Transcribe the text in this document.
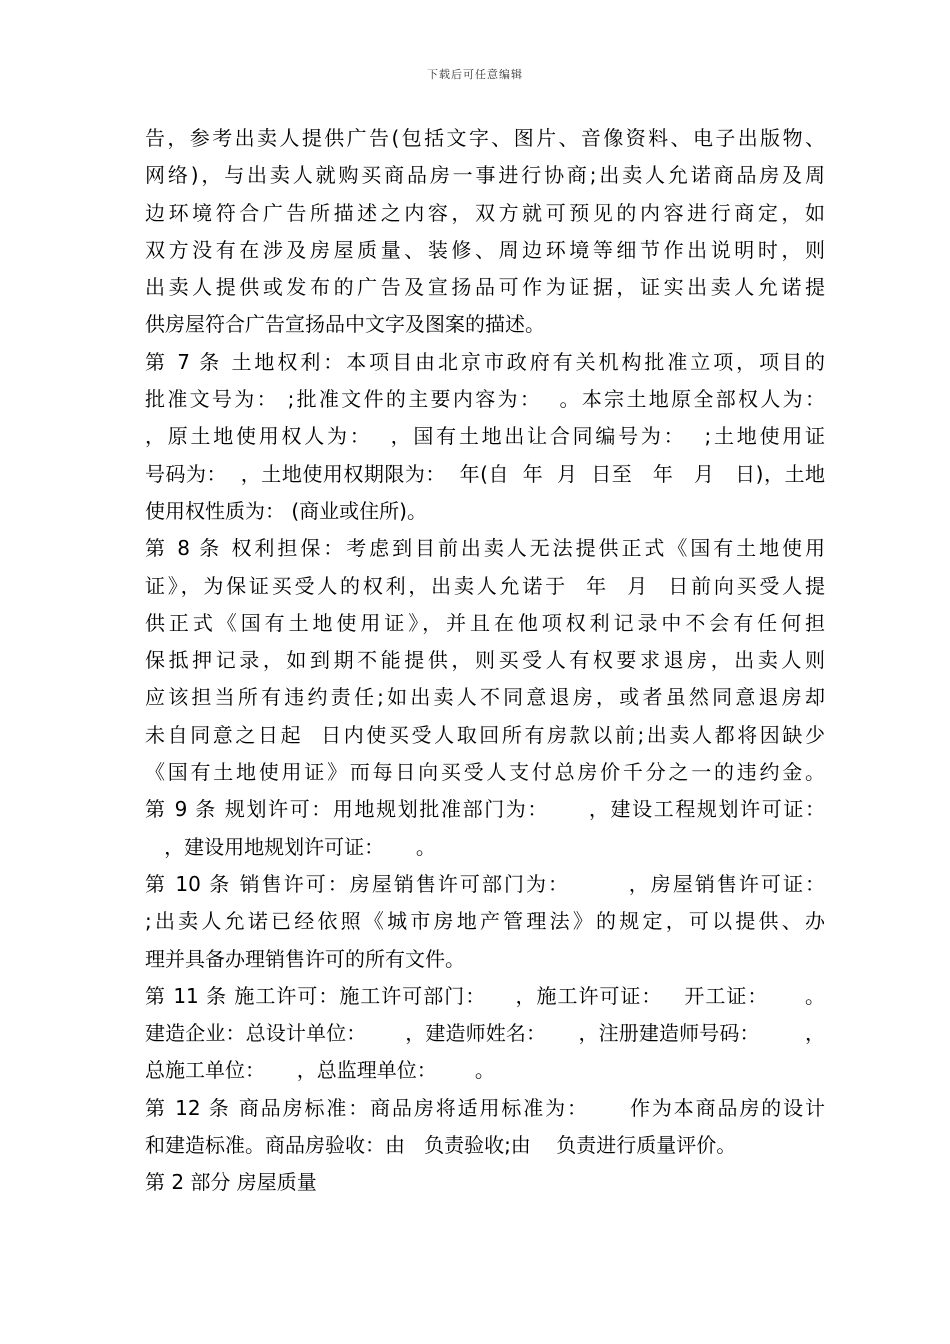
下载后可任意编辑
告，参考出卖人提供广告(包括文字、图片、音像资料、电子出版物、
网络)，与出卖人就购买商品房一事进行协商;出卖人允诺商品房及周
边环境符合广告所描述之内容，双方就可预见的内容进行商定，如
双方没有在涉及房屋质量、装修、周边环境等细节作出说明时，则
出卖人提供或发布的广告及宣扬品可作为证据，证实出卖人允诺提
供房屋符合广告宣扬品中文字及图案的描述。
第 7 条 土地权利：本项目由北京市政府有关机构批准立项，项目的
批准文号为： ;批准文件的主要内容为：  。本宗土地原全部权人为：
，原土地使用权人为：  ，国有土地出让合同编号为：  ;土地使用证
号码为：  ，土地使用权期限为：  年(自  年  月  日至   年   月   日)，土地
使用权性质为： (商业或住所)。
第 8 条 权利担保：考虑到目前出卖人无法提供正式《国有土地使用
证》，为保证买受人的权利，出卖人允诺于  年  月  日前向买受人提
供正式《国有土地使用证》，并且在他项权利记录中不会有任何担
保抵押记录，如到期不能提供，则买受人有权要求退房，出卖人则
应该担当所有违约责任;如出卖人不同意退房，或者虽然同意退房却
未自同意之日起  日内使买受人取回所有房款以前;出卖人都将因缺少
《国有土地使用证》而每日向买受人支付总房价千分之一的违约金。
第 9 条 规划许可：用地规划批准部门为：     ，建设工程规划许可证：
，建设用地规划许可证：     。
第 10 条 销售许可：房屋销售许可部门为：       ，房屋销售许可证：
;出卖人允诺已经依照《城市房地产管理法》的规定，可以提供、办
理并具备办理销售许可的所有文件。
第 11 条 施工许可：施工许可部门：    ，施工许可证：   开工证：     。
建造企业：总设计单位：      ，建造师姓名：     ，注册建造师号码：       ，
总施工单位：     ，总监理单位：      。
第 12 条 商品房标准：商品房将适用标准为：     作为本商品房的设计
和建造标准。商品房验收：由   负责验收;由    负责进行质量评价。
第 2 部分 房屋质量
